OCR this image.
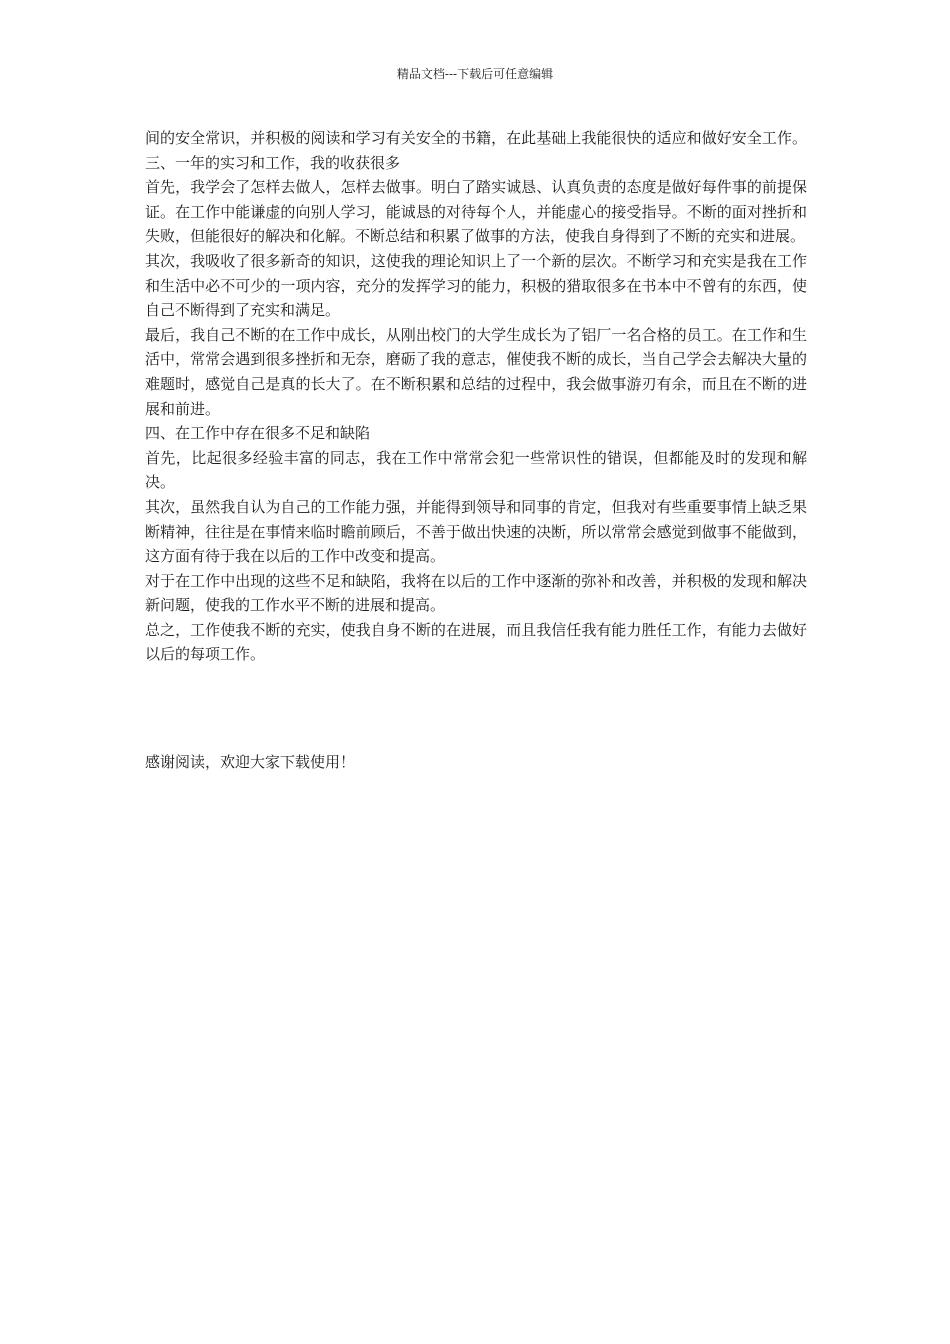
精品文档---下载后可任意编辑

间的安全常识，并积极的阅读和学习有关安全的书籍，在此基础上我能很快的适应和做好安全工作。三、一年的实习和工作，我的收获很多

首先，我学会了怎样去做人，怎样去做事。明白了踏实诚恳、认真负责的态度是做好每件事的前提保证。在工作中能谦虚的向别人学习，能诚恳的对待每个人，并能虚心的接受指导。不断的面对挫折和失败，但能很好的解决和化解。不断总结和积累了做事的方法，使我自身得到了不断的充实和进展。

其次，我吸收了很多新奇的知识，这使我的理论知识上了一个新的层次。不断学习和充实是我在工作和生活中必不可少的一项内容，充分的发挥学习的能力，积极的猎取很多在书本中不曾有的东西，使自己不断得到了充实和满足。

最后，我自己不断的在工作中成长，从刚出校门的大学生成长为了铝厂一名合格的员工。在工作和生活中，常常会遇到很多挫折和无奈，磨砺了我的意志，催使我不断的成长，当自己学会去解决大量的难题时，感觉自己是真的长大了。在不断积累和总结的过程中，我会做事游刃有余，而且在不断的进展和前进。

四、在工作中存在很多不足和缺陷

首先，比起很多经验丰富的同志，我在工作中常常会犯一些常识性的错误，但都能及时的发现和解决。

其次，虽然我自认为自己的工作能力强，并能得到领导和同事的肯定，但我对有些重要事情上缺乏果断精神，往往是在事情来临时瞻前顾后，不善于做出快速的决断，所以常常会感觉到做事不能做到，这方面有待于我在以后的工作中改变和提高。

对于在工作中出现的这些不足和缺陷，我将在以后的工作中逐渐的弥补和改善，并积极的发现和解决新问题，使我的工作水平不断的进展和提高。

总之，工作使我不断的充实，使我自身不断的在进展，而且我信任我有能力胜任工作，有能力去做好以后的每项工作。

感谢阅读，欢迎大家下载使用！
